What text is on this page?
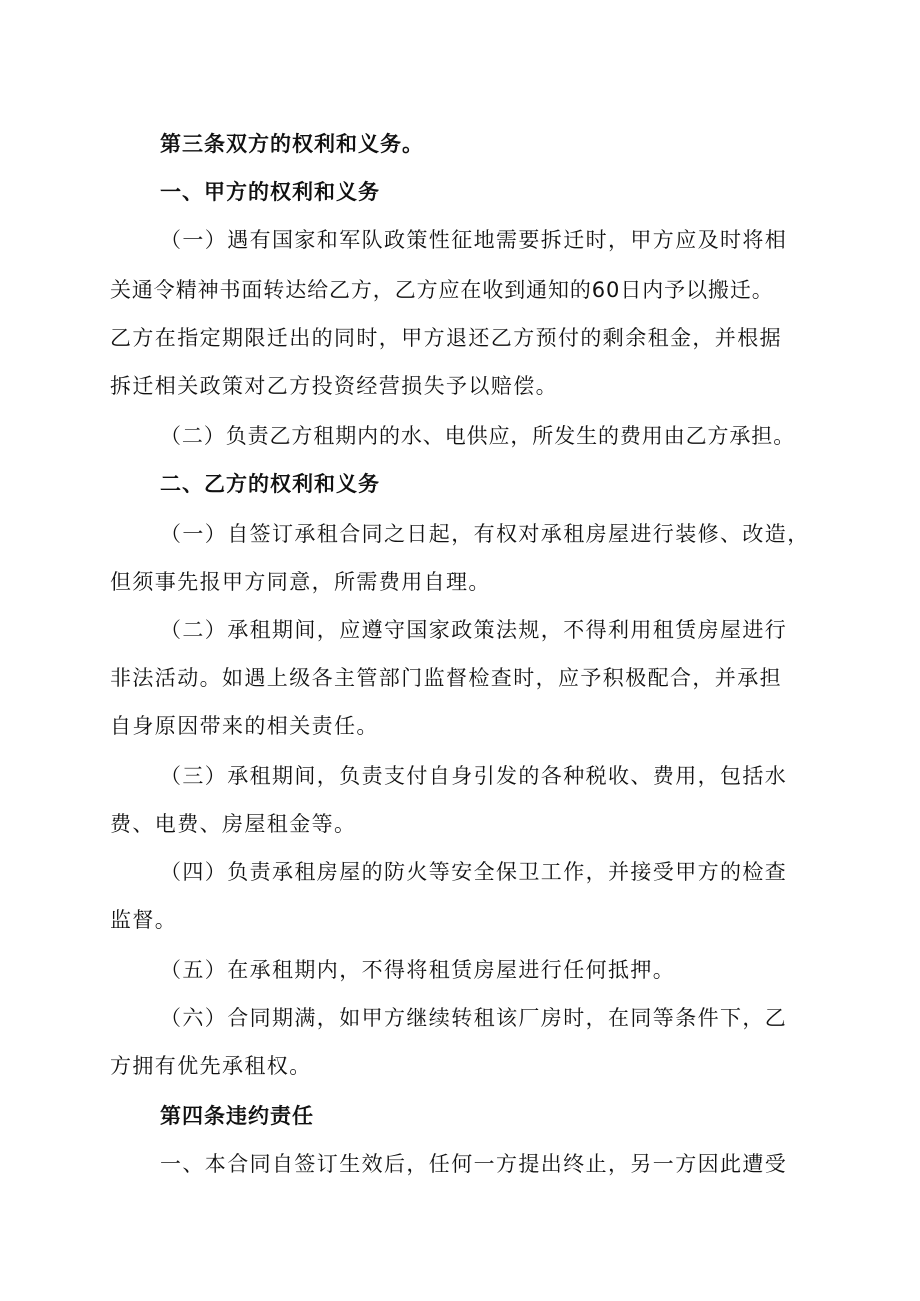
第三条双方的权利和义务。
一、甲方的权利和义务
（一）遇有国家和军队政策性征地需要拆迁时，甲方应及时将相
关通令精神书面转达给乙方，乙方应在收到通知的60日内予以搬迁。
乙方在指定期限迁出的同时，甲方退还乙方预付的剩余租金，并根据
拆迁相关政策对乙方投资经营损失予以赔偿。
（二）负责乙方租期内的水、电供应，所发生的费用由乙方承担。
二、乙方的权利和义务
（一）自签订承租合同之日起，有权对承租房屋进行装修、改造，
但须事先报甲方同意，所需费用自理。
（二）承租期间，应遵守国家政策法规，不得利用租赁房屋进行
非法活动。如遇上级各主管部门监督检查时，应予积极配合，并承担
自身原因带来的相关责任。
（三）承租期间，负责支付自身引发的各种税收、费用，包括水
费、电费、房屋租金等。
（四）负责承租房屋的防火等安全保卫工作，并接受甲方的检查
监督。
（五）在承租期内，不得将租赁房屋进行任何抵押。
（六）合同期满，如甲方继续转租该厂房时，在同等条件下，乙
方拥有优先承租权。
第四条违约责任
一、本合同自签订生效后，任何一方提出终止，另一方因此遭受
